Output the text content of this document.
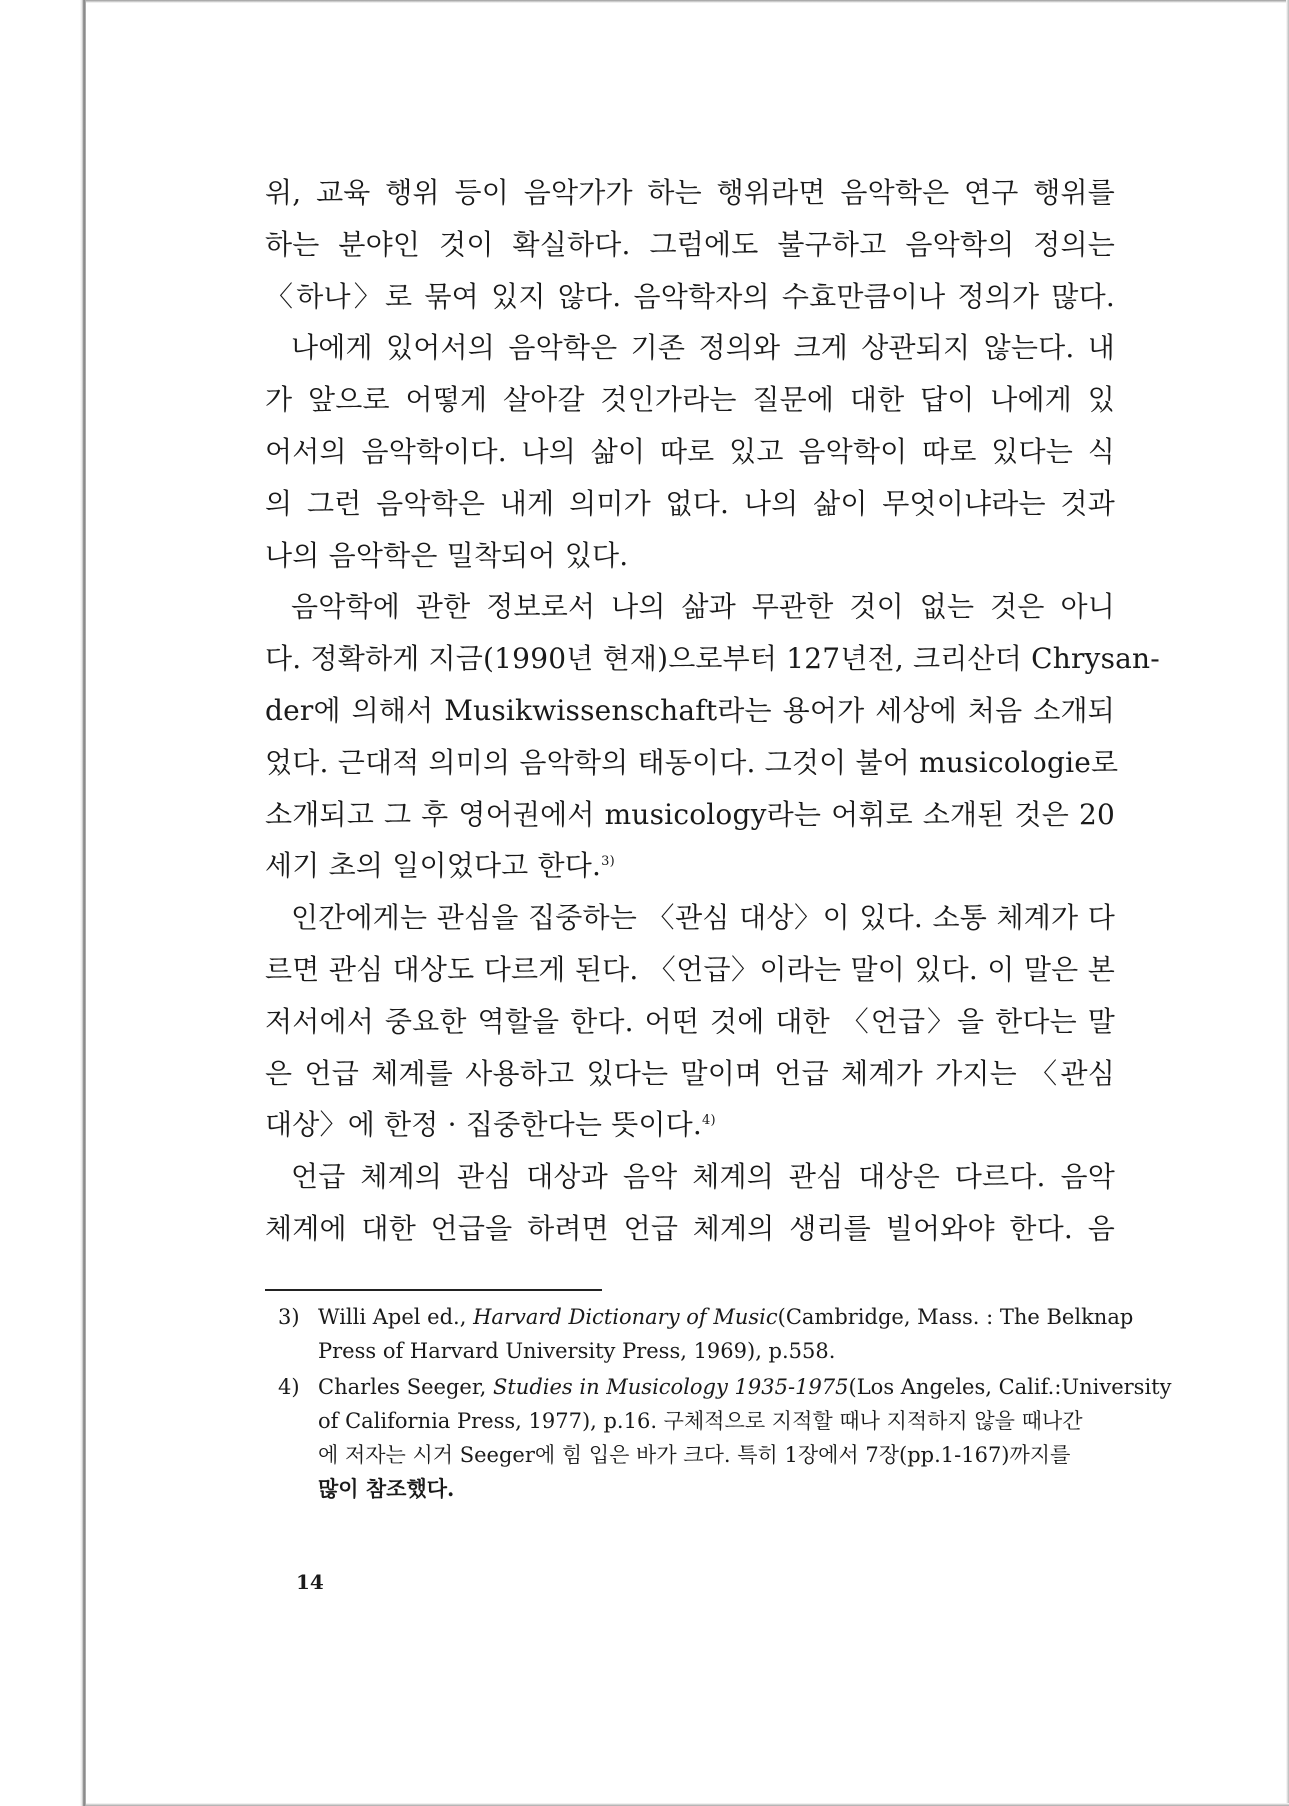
위, 교육 행위 등이 음악가가 하는 행위라면 음악학은 연구 행위를
하는 분야인 것이 확실하다. 그럼에도 불구하고 음악학의 정의는
〈하나〉로 묶여 있지 않다. 음악학자의 수효만큼이나 정의가 많다.
나에게 있어서의 음악학은 기존 정의와 크게 상관되지 않는다. 내
가 앞으로 어떻게 살아갈 것인가라는 질문에 대한 답이 나에게 있
어서의 음악학이다. 나의 삶이 따로 있고 음악학이 따로 있다는 식
의 그런 음악학은 내게 의미가 없다. 나의 삶이 무엇이냐라는 것과
나의 음악학은 밀착되어 있다.
음악학에 관한 정보로서 나의 삶과 무관한 것이 없는 것은 아니
다. 정확하게 지금(1990년 현재)으로부터 127년전, 크리산더 Chrysan-
der에 의해서 Musikwissenschaft라는 용어가 세상에 처음 소개되
었다. 근대적 의미의 음악학의 태동이다. 그것이 불어 musicologie로
소개되고 그 후 영어권에서 musicology라는 어휘로 소개된 것은 20
세기 초의 일이었다고 한다.$^{3)}$
인간에게는 관심을 집중하는 〈관심 대상〉이 있다. 소통 체계가 다
르면 관심 대상도 다르게 된다. 〈언급〉이라는 말이 있다. 이 말은 본
저서에서 중요한 역할을 한다. 어떤 것에 대한 〈언급〉을 한다는 말
은 언급 체계를 사용하고 있다는 말이며 언급 체계가 가지는 〈관심
대상〉에 한정 · 집중한다는 뜻이다.$^{4)}$
언급 체계의 관심 대상과 음악 체계의 관심 대상은 다르다. 음악
체계에 대한 언급을 하려면 언급 체계의 생리를 빌어와야 한다. 음
3) Willi Apel ed., Harvard Dictionary of Music(Cambridge, Mass. : The Belknap
Press of Harvard University Press, 1969), p.558.
4) Charles Seeger, Studies in Musicology 1935-1975(Los Angeles, Calif.:University
of California Press, 1977), p.16. 구체적으로 지적할 때나 지적하지 않을 때나간
에 저자는 시거 Seeger에 힘 입은 바가 크다. 특히 1장에서 7장(pp.1-167)까지를
많이 참조했다.
14
